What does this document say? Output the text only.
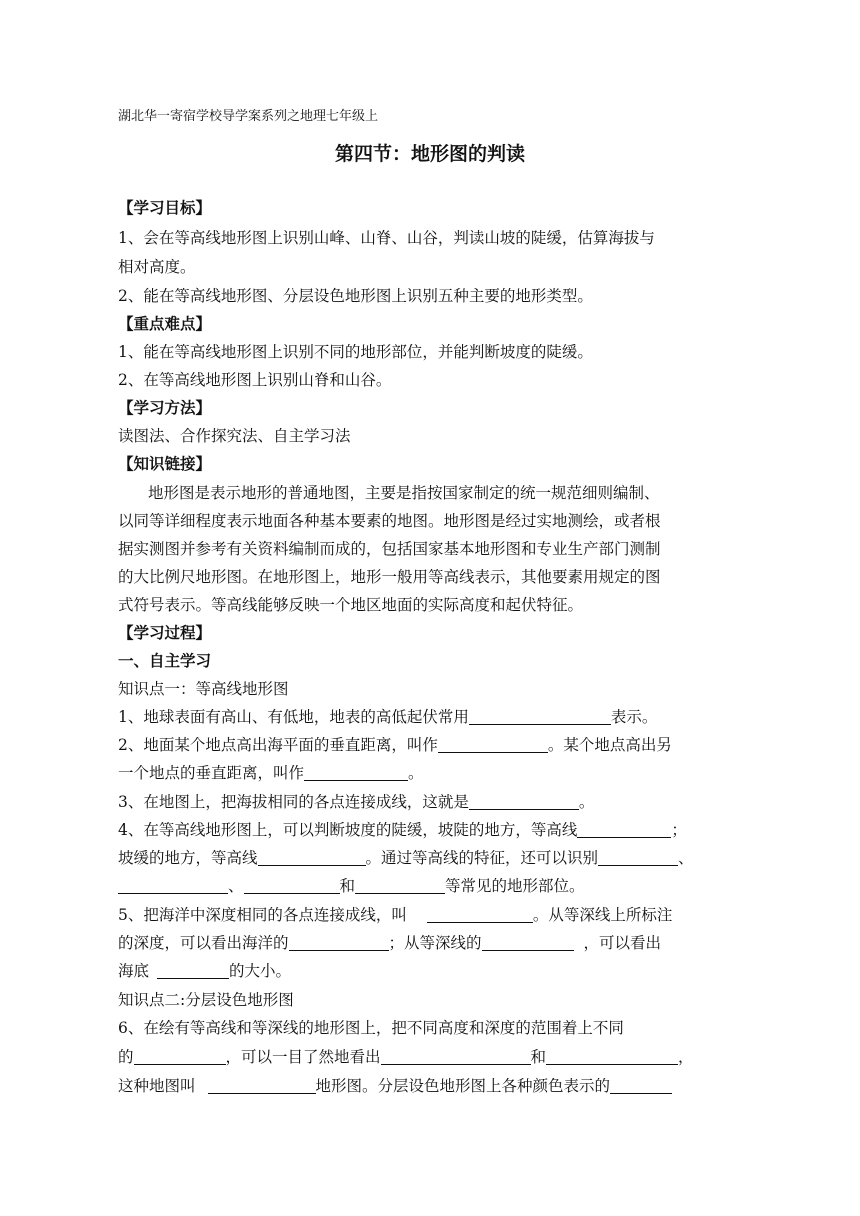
湖北华一寄宿学校导学案系列之地理七年级上
第四节：地形图的判读
【学习目标】
1、会在等高线地形图上识别山峰、山脊、山谷，判读山坡的陡缓，估算海拔与
相对高度。
2、能在等高线地形图、分层设色地形图上识别五种主要的地形类型。
【重点难点】
1、能在等高线地形图上识别不同的地形部位，并能判断坡度的陡缓。
2、在等高线地形图上识别山脊和山谷。
【学习方法】
读图法、合作探究法、自主学习法
【知识链接】
地形图是表示地形的普通地图，主要是指按国家制定的统一规范细则编制、
以同等详细程度表示地面各种基本要素的地图。地形图是经过实地测绘，或者根
据实测图并参考有关资料编制而成的，包括国家基本地形图和专业生产部门测制
的大比例尺地形图。在地形图上，地形一般用等高线表示，其他要素用规定的图
式符号表示。等高线能够反映一个地区地面的实际高度和起伏特征。
【学习过程】
一、自主学习
知识点一：等高线地形图
1、地球表面有高山、有低地，地表的高低起伏常用	表示。
2、地面某个地点高出海平面的垂直距离，叫作	。某个地点高出另
一个地点的垂直距离，叫作	。
3、在地图上，把海拔相同的各点连接成线，这就是	。
4、在等高线地形图上，可以判断坡度的陡缓，坡陡的地方，等高线	；
坡缓的地方，等高线	。通过等高线的特征，还可以识别	、
、	和	等常见的地形部位。
5、把海洋中深度相同的各点连接成线，叫	。从等深线上所标注
的深度，可以看出海洋的	；从等深线的	，可以看出
海底	的大小。
知识点二:分层设色地形图
6、在绘有等高线和等深线的地形图上，把不同高度和深度的范围着上不同
的	，可以一目了然地看出	和	，
这种地图叫	地形图。分层设色地形图上各种颜色表示的
